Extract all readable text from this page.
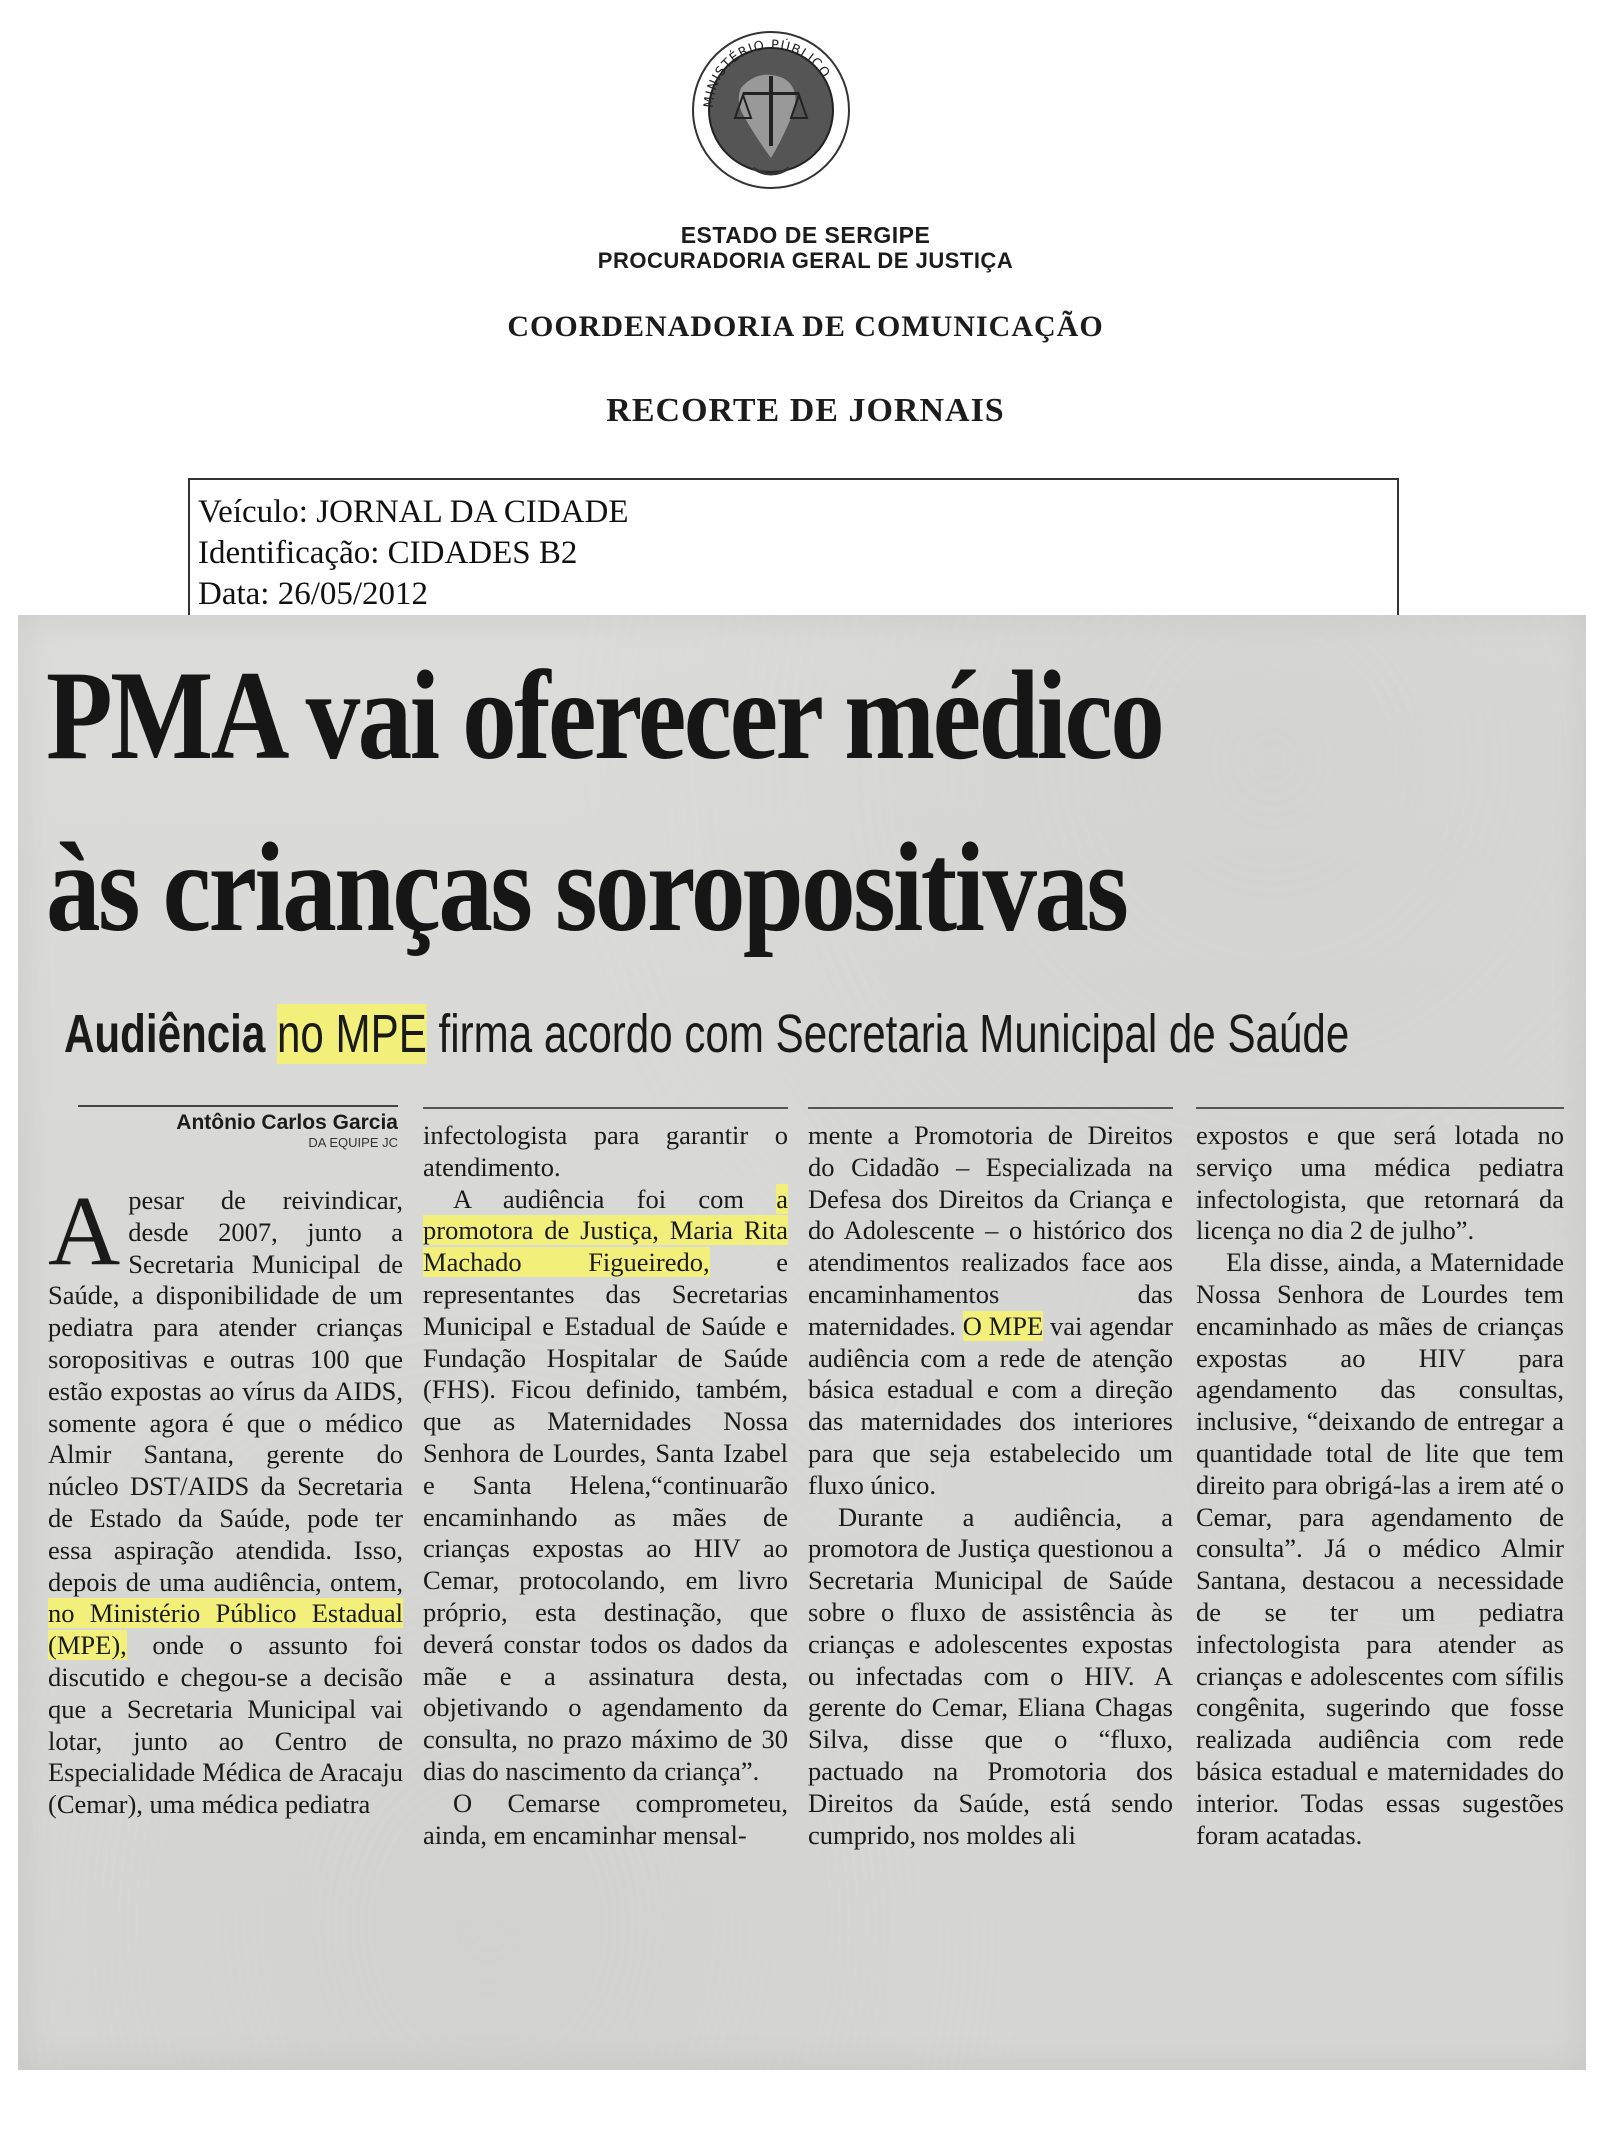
MINISTÉRIO PÚBLICO
ESTADO DE SERGIPE
PROCURADORIA GERAL DE JUSTIÇA
COORDENADORIA DE COMUNICAÇÃO
RECORTE DE JORNAIS
Veículo: JORNAL DA CIDADE
Identificação: CIDADES B2
Data: 26/05/2012
PMA vai oferecer médico
às crianças soropositivas
Audiência no MPE firma acordo com Secretaria Municipal de Saúde
Antônio Carlos Garcia
DA EQUIPE JC

Apesar de reivindicar, desde 2007, junto a Secretaria Municipal de Saúde, a disponibilidade de um pediatra para atender crianças soropositivas e outras 100 que estão expostas ao vírus da AIDS, somente agora é que o médico Almir Santana, gerente do núcleo DST/AIDS da Secretaria de Estado da Saúde, pode ter essa aspiração atendida. Isso, depois de uma audiência, ontem, no Ministério Público Estadual (MPE), onde o assunto foi discutido e chegou-se a decisão que a Secretaria Municipal vai lotar, junto ao Centro de Especialidade Médica de Aracaju (Cemar), uma médica pediatra

infectologista para garantir o atendimento.

A audiência foi com a promotora de Justiça, Maria Rita Machado Figueiredo,	e representantes das Secretarias Municipal e Estadual de Saúde e Fundação Hospitalar de Saúde (FHS). Ficou definido, também, que as Maternidades Nossa Senhora de Lourdes, Santa Izabel e Santa Helena,“continuarão encaminhando as mães de crianças expostas ao HIV ao Cemar, protocolando, em livro próprio, esta destinação, que deverá constar todos os dados da mãe e a assinatura desta, objetivando o agendamento da consulta, no prazo máximo de 30 dias do nascimento da criança”.

O Cemarse comprometeu, ainda, em encaminhar mensal-

mente a Promotoria de Direitos do Cidadão – Especializada na Defesa dos Direitos da Criança e do Adolescente – o histórico dos atendimentos realizados face aos encaminhamentos das maternidades. O MPE vai agendar audiência com a rede de atenção básica estadual e com a direção das maternidades dos interiores para que seja estabelecido um fluxo único.

Durante a audiência, a promotora de Justiça questionou a Secretaria Municipal de Saúde sobre o fluxo de assistência às crianças e adolescentes expostas ou infectadas com o HIV. A gerente do Cemar, Eliana Chagas Silva, disse que o “fluxo, pactuado na Promotoria dos Direitos da Saúde, está sendo cumprido, nos moldes ali

expostos e que será lotada no serviço uma médica pediatra infectologista, que retornará da licença no dia 2 de julho”.

Ela disse, ainda, a Maternidade Nossa Senhora de Lourdes tem encaminhado as mães de crianças expostas ao HIV para agendamento das consultas, inclusive, “deixando de entregar a quantidade total de lite que tem direito para obrigá-las a irem até o Cemar, para agendamento de consulta”. Já o médico Almir Santana, destacou a necessidade de se ter um pediatra infectologista para atender as crianças e adolescentes com sífilis congênita, sugerindo que fosse realizada audiência com rede básica estadual e maternidades do interior. Todas essas sugestões foram acatadas.
